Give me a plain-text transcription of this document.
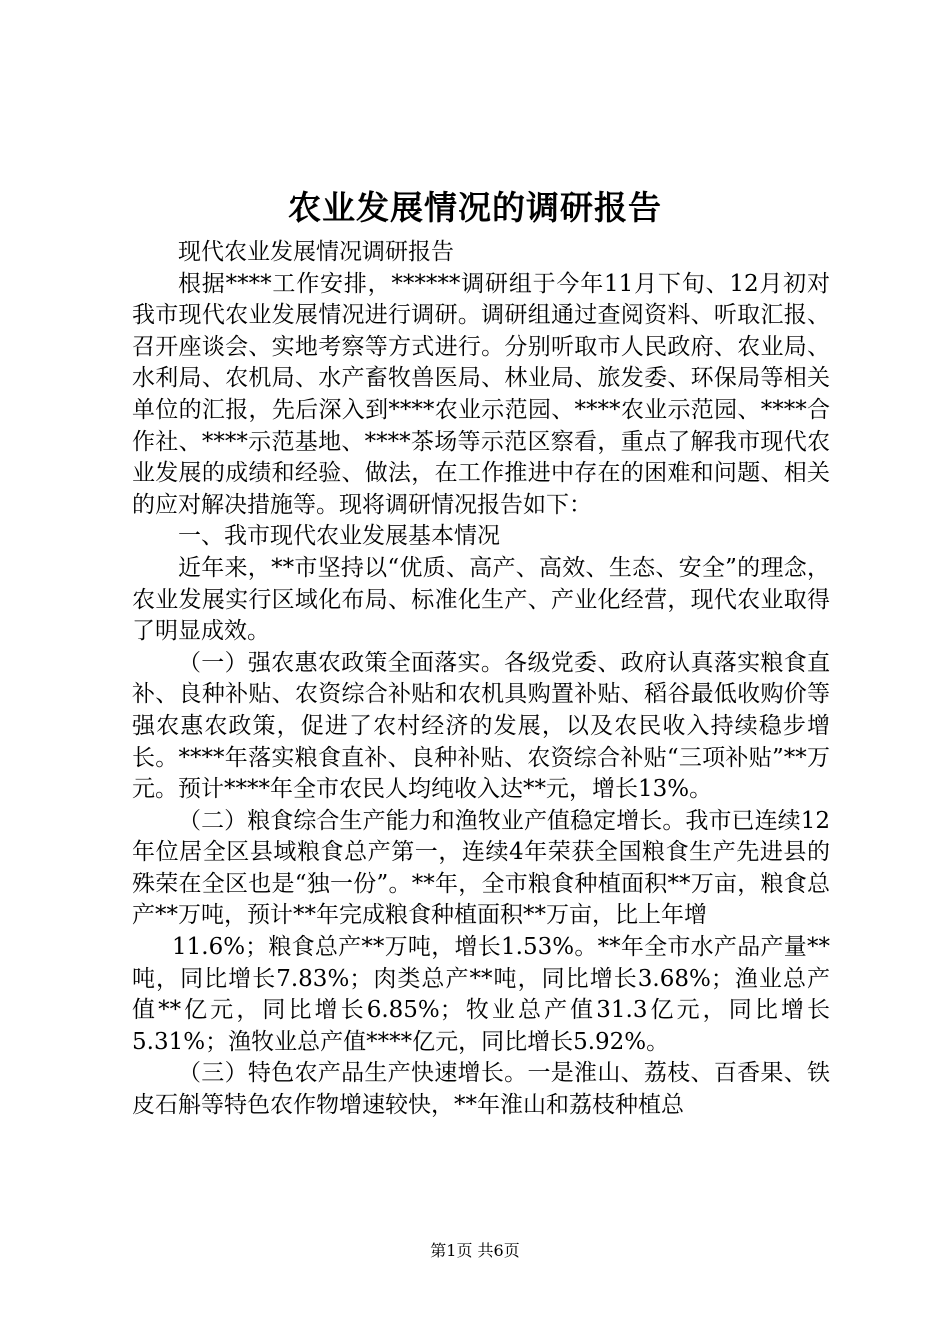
农业发展情况的调研报告

现代农业发展情况调研报告

根据****工作安排，******调研组于今年11月下旬、12月初对我市现代农业发展情况进行调研。调研组通过查阅资料、听取汇报、召开座谈会、实地考察等方式进行。分别听取市人民政府、农业局、水利局、农机局、水产畜牧兽医局、林业局、旅发委、环保局等相关单位的汇报，先后深入到****农业示范园、****农业示范园、****合作社、****示范基地、****茶场等示范区察看，重点了解我市现代农业发展的成绩和经验、做法，在工作推进中存在的困难和问题、相关的应对解决措施等。现将调研情况报告如下：

一、我市现代农业发展基本情况

近年来，**市坚持以“优质、高产、高效、生态、安全”的理念，农业发展实行区域化布局、标准化生产、产业化经营，现代农业取得了明显成效。

（一）强农惠农政策全面落实。各级党委、政府认真落实粮食直补、良种补贴、农资综合补贴和农机具购置补贴、稻谷最低收购价等强农惠农政策，促进了农村经济的发展，以及农民收入持续稳步增长。****年落实粮食直补、良种补贴、农资综合补贴“三项补贴”**万元。预计****年全市农民人均纯收入达**元，增长13%。

（二）粮食综合生产能力和渔牧业产值稳定增长。我市已连续12年位居全区县域粮食总产第一，连续4年荣获全国粮食生产先进县的殊荣在全区也是“独一份”。**年，全市粮食种植面积**万亩，粮食总产**万吨，预计**年完成粮食种植面积**万亩，比上年增

11.6%；粮食总产**万吨，增长1.53%。**年全市水产品产量**吨，同比增长7.83%；肉类总产**吨，同比增长3.68%；渔业总产值**亿元，同比增长6.85%；牧业总产值31.3亿元，同比增长5.31%；渔牧业总产值****亿元，同比增长5.92%。

（三）特色农产品生产快速增长。一是淮山、荔枝、百香果、铁皮石斛等特色农作物增速较快，**年淮山和荔枝种植总

第1页 共6页
